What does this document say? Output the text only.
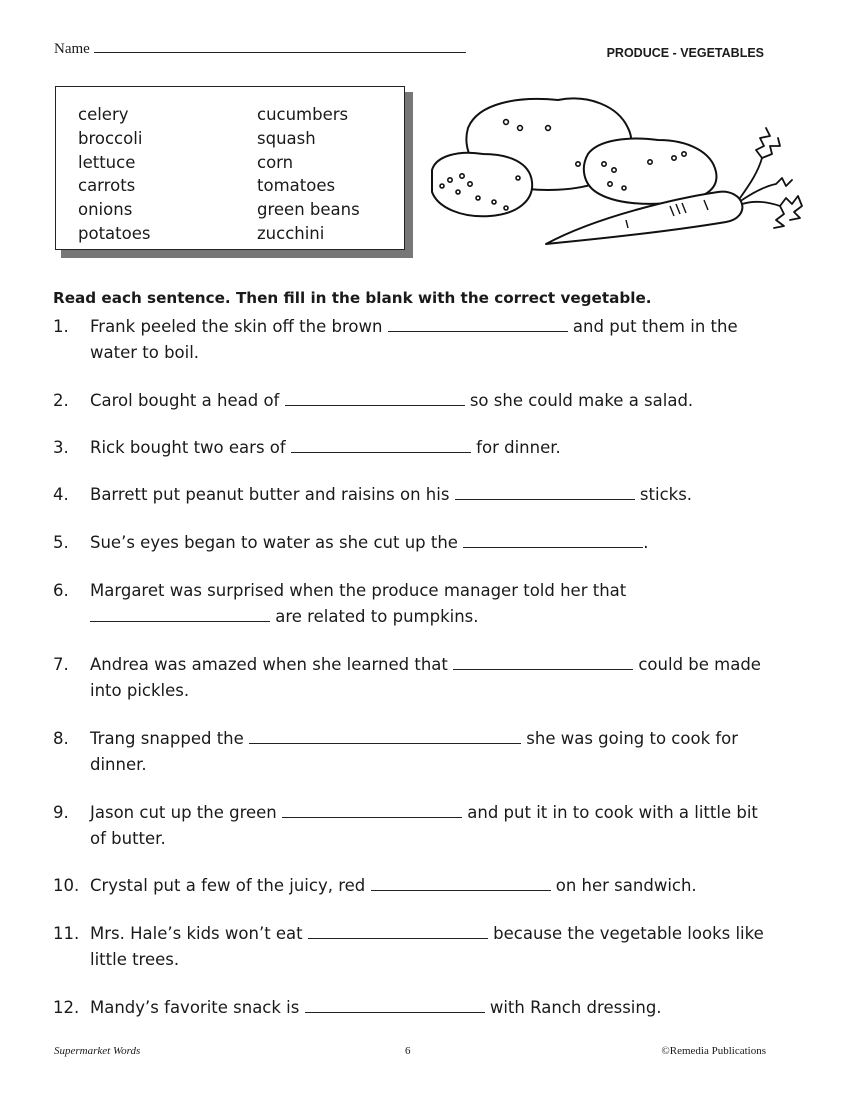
Name	PRODUCE - VEGETABLES
celery
broccoli
lettuce
carrots
onions
potatoes
cucumbers
squash
corn
tomatoes
green beans
zucchini
Read each sentence. Then fill in the blank with the correct vegetable.
1. Frank peeled the skin off the brown	and put them in the water to boil.
2. Carol bought a head of	so she could make a salad.
3. Rick bought two ears of	for dinner.
4. Barrett put peanut butter and raisins on his	sticks.
5. Sue’s eyes began to water as she cut up the	.
6. Margaret was surprised when the produce manager told her that
are related to pumpkins.
7. Andrea was amazed when she learned that	could be made into pickles.
8. Trang snapped the	she was going to cook for dinner.
9. Jason cut up the green	and put it in to cook with a little bit of butter.
10. Crystal put a few of the juicy, red	on her sandwich.
11. Mrs. Hale’s kids won’t eat	because the vegetable looks like little trees.
12. Mandy’s favorite snack is	with Ranch dressing.
Supermarket Words	6	©Remedia Publications
